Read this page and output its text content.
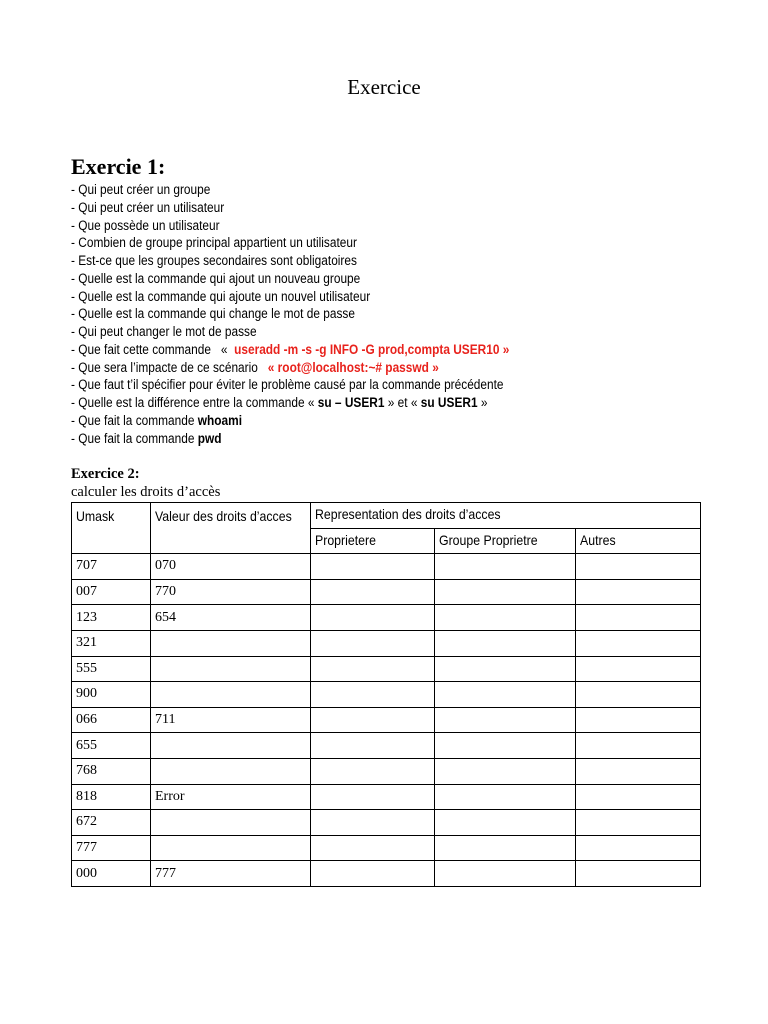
Exercice
Exercie 1:
- Qui peut créer un groupe
- Qui peut créer un utilisateur
- Que possède un utilisateur
- Combien de groupe principal appartient un utilisateur
- Est-ce que les groupes secondaires sont obligatoires
- Quelle est la commande qui ajout un nouveau groupe
- Quelle est la commande qui ajoute un nouvel utilisateur
- Quelle est la commande qui change le mot de passe
- Qui peut changer le mot de passe
- Que fait cette commande   «  useradd -m -s -g INFO -G prod,compta USER10 »
- Que sera l’impacte de ce scénario   « root@localhost:~# passwd »
- Que faut t’il spécifier pour éviter le problème causé par la commande précédente
- Quelle est la différence entre la commande « su – USER1 » et « su USER1 »
- Que fait la commande whoami
- Que fait la commande pwd
Exercice 2:
calculer les droits d’accès
Umask	Valeur des droits d’acces	Representation des droits d’acces		
		Proprietere	Groupe Proprietre	Autres
707	070			
007	770			
123	654			
321				
555				
900				
066	711			
655				
768				
818	Error			
672				
777				
000	777			
